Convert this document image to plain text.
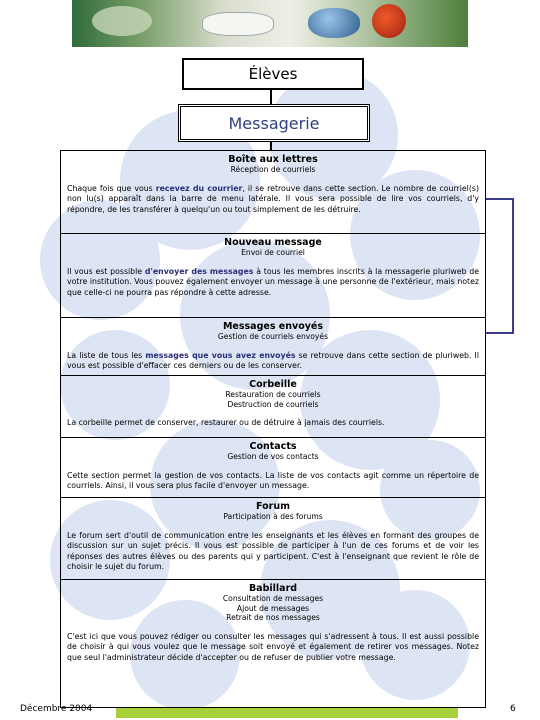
Élèves
Messagerie
Boîte aux lettres
Réception de courriels
Chaque fois que vous recevez du courrier, il se retrouve dans cette section. Le nombre de courriel(s) non lu(s) apparaît dans la barre de menu latérale. Il vous sera possible de lire vos courriels, d'y répondre, de les transférer à quelqu'un ou tout simplement de les détruire.
Nouveau message
Envoi de courriel
Il vous est possible d'envoyer des messages à tous les membres inscrits à la messagerie pluriweb de votre institution. Vous pouvez également envoyer un message à une personne de l'extérieur, mais notez que celle-ci ne pourra pas répondre à cette adresse.
Messages envoyés
Gestion de courriels envoyés
La liste de tous les messages que vous avez envoyés se retrouve dans cette section de pluriweb. Il vous est possible d'effacer ces derniers ou de les conserver.
Corbeille
Restauration de courriels
Destruction de courriels
La corbeille permet de conserver, restaurer ou de détruire à jamais des courriels.
Contacts
Gestion de vos contacts
Cette section permet la gestion de vos contacts. La liste de vos contacts agit comme un répertoire de courriels. Ainsi, il vous sera plus facile d'envoyer un message.
Forum
Participation à des forums
Le forum sert d'outil de communication entre les enseignants et les élèves en formant des groupes de discussion sur un sujet précis. Il vous est possible de participer à l'un de ces forums et de voir les réponses des autres élèves ou des parents qui y participent. C'est à l'enseignant que revient le rôle de choisir le sujet du forum.
Babillard
Consultation de messages
Ajout de messages
Retrait de nos messages
C'est ici que vous pouvez rédiger ou consulter les messages qui s'adressent à tous. Il est aussi possible de choisir à qui vous voulez que le message soit envoyé et également de retirer vos messages. Notez que seul l'administrateur décide d'accepter ou de refuser de publier votre message.
Décembre 2004	6
